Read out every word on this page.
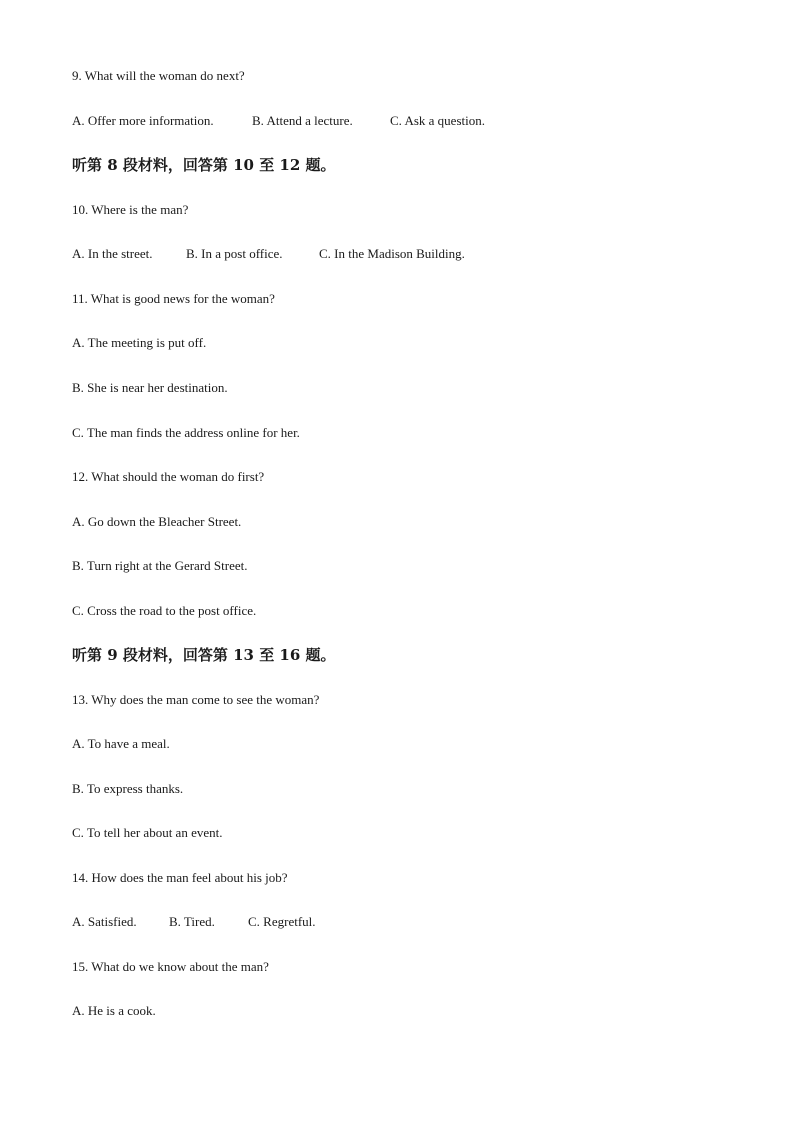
9. What will the woman do next?
A. Offer more information.	B. Attend a lecture.	C. Ask a question.
听第 8 段材料，回答第 10 至 12 题。
10. Where is the man?
A. In the street.	B. In a post office.	C. In the Madison Building.
11. What is good news for the woman?
A. The meeting is put off.
B. She is near her destination.
C. The man finds the address online for her.
12. What should the woman do first?
A. Go down the Bleacher Street.
B. Turn right at the Gerard Street.
C. Cross the road to the post office.
听第 9 段材料，回答第 13 至 16 题。
13. Why does the man come to see the woman?
A. To have a meal.
B. To express thanks.
C. To tell her about an event.
14. How does the man feel about his job?
A. Satisfied. B. Tired.	C. Regretful.
15. What do we know about the man?
A. He is a cook.
